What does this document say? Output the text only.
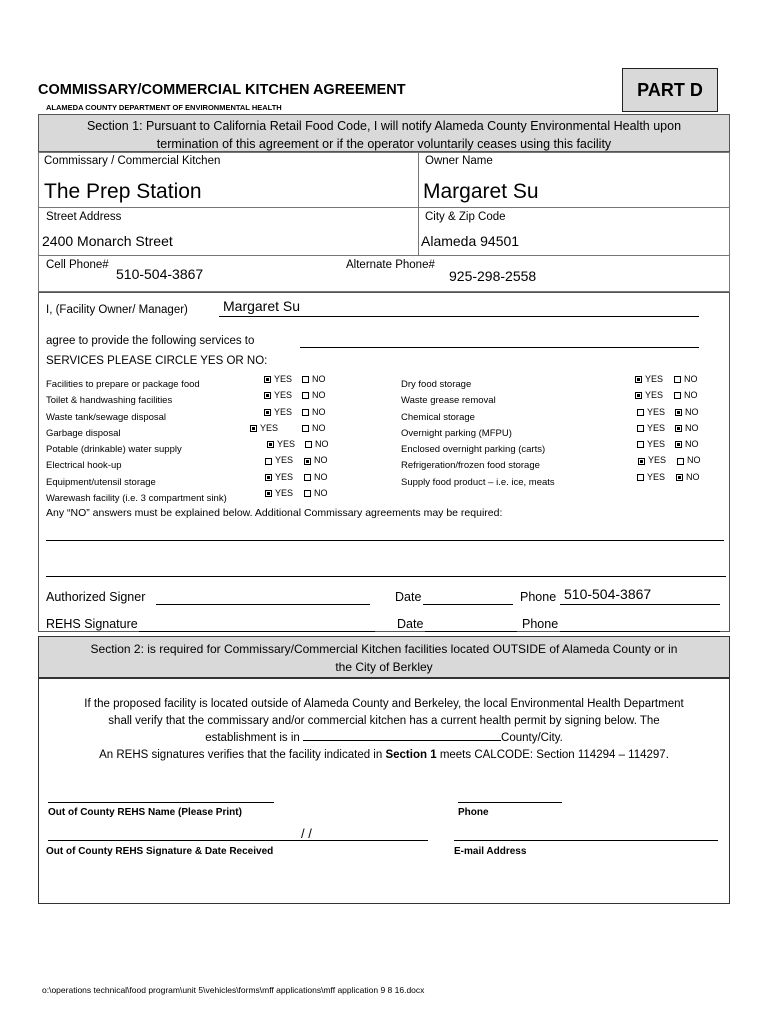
COMMISSARY/COMMERCIAL KITCHEN AGREEMENT
ALAMEDA COUNTY DEPARTMENT OF ENVIRONMENTAL HEALTH
PART D
Section 1: Pursuant to California Retail Food Code, I will notify Alameda County Environmental Health upon
termination of this agreement or if the operator voluntarily ceases using this facility
Commissary / Commercial Kitchen
The Prep Station
Owner Name
Margaret Su
Street Address
2400 Monarch Street
City & Zip Code
Alameda 94501
Cell Phone#
510-504-3867
Alternate Phone#
925-298-2558
I, (Facility Owner/ Manager)	Margaret Su
agree to provide the following services to
SERVICES PLEASE CIRCLE YES OR NO:
Facilities to prepare or package food	YES	NO
Toilet & handwashing facilities	YES	NO
Waste tank/sewage disposal	YES	NO
Garbage disposal	YES	NO
Potable (drinkable) water supply	YES	NO
Electrical hook-up	YES	NO
Equipment/utensil storage	YES	NO
Warewash facility (i.e. 3 compartment sink)	YES	NO
Dry food storage	YES	NO
Waste grease removal	YES	NO
Chemical storage	YES	NO
Overnight parking (MFPU)	YES	NO
Enclosed overnight parking (carts)	YES	NO
Refrigeration/frozen food storage	YES	NO
Supply food product – i.e. ice, meats	YES	NO
Any “NO” answers must be explained below. Additional Commissary agreements may be required:
Authorized Signer	Date	Phone 510-504-3867
REHS Signature	Date	Phone
Section 2: is required for Commissary/Commercial Kitchen facilities located OUTSIDE of Alameda County or in
the City of Berkley
If the proposed facility is located outside of Alameda County and Berkeley, the local Environmental Health Department
shall verify that the commissary and/or commercial kitchen has a current health permit by signing below. The
establishment is in	County/City.
An REHS signatures verifies that the facility indicated in Section 1 meets CALCODE: Section 114294 – 114297.
Out of County REHS Name (Please Print)	Phone
/ /
Out of County REHS Signature & Date Received	E-mail Address
o:\operations technical\food program\unit 5\vehicles\forms\mff applications\mff application 9 8 16.docx
